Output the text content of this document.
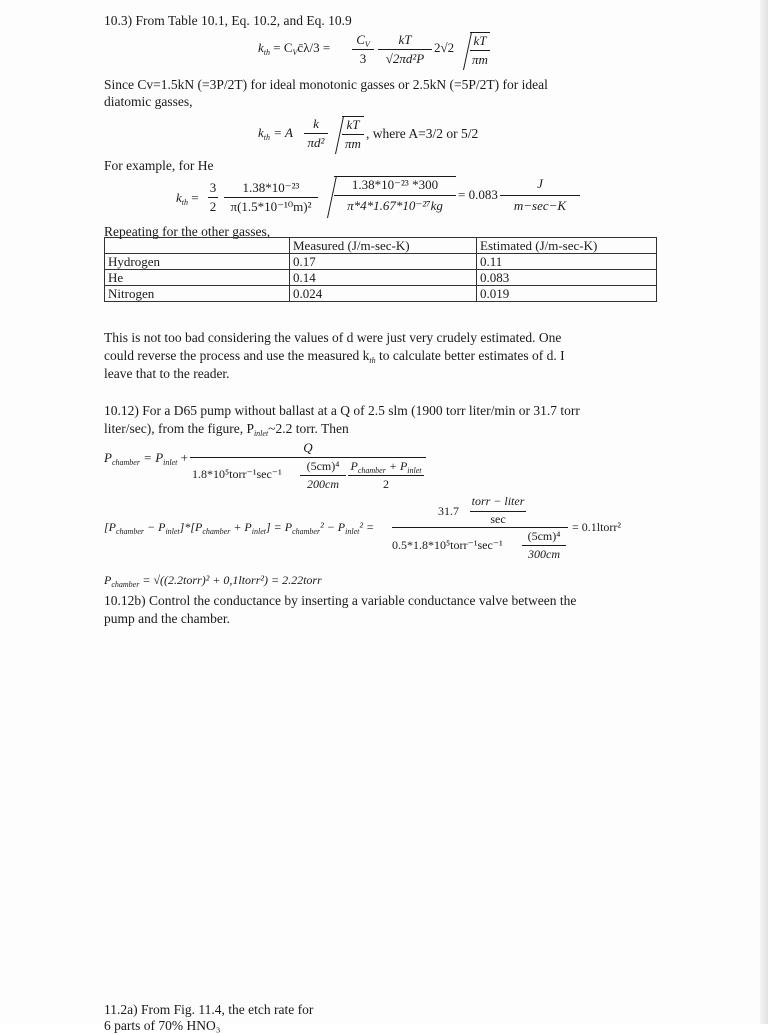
10.3) From Table 10.1, Eq. 10.2, and Eq. 10.9
$k_{th}$ = $C_Vc̄\lambda/3$ =
$C_V$
3
kT
√2πd²P
2√2 kT
πm
Since Cv=1.5kN (=3P/2T) for ideal monotonic gasses or 2.5kN (=5P/2T) for ideal
diatomic gasses,
$k_{th} = A$
k
πd²
kT
πm
, where A=3/2 or 5/2
For example, for He
$k_{th}$ =
3
2
1.38*10⁻²³
π(1.5*10⁻¹⁰m)²
1.38*10⁻²³ *300
π*4*1.67*10⁻²⁷kg
= 0.083
J
m−sec−K
Repeating for the other gasses,
	Measured (J/m-sec-K)	Estimated (J/m-sec-K)
Hydrogen	0.17	0.11
He	0.14	0.083
Nitrogen	0.024	0.019
This is not too bad considering the values of d were just very crudely estimated. One
could reverse the process and use the measured $k_{th}$ to calculate better estimates of d. I
leave that to the reader.
10.12) For a D65 pump without ballast at a Q of 2.5 slm (1900 torr liter/min or 31.7 torr
liter/sec), from the figure, $P_{inlet}\sim 2.2$ torr. Then
$P_{chamber} = P_{inlet}$ +
Q
1.8*10⁵torr⁻¹sec⁻¹
(5cm)⁴
200cm
$P_{chamber} + P_{inlet}$
2
$[P_{chamber} - P_{inlet}]*[P_{chamber} + P_{inlet}] = P_{chamber}^2 - P_{inlet}^2$ =
31.7
torr − liter
sec
0.5*1.8*10⁵torr⁻¹sec⁻¹
(5cm)⁴
300cm
= 0.1ltorr²
$P_{chamber}$ = √((2.2torr)² + 0,1ltorr²) = 2.22torr
10.12b) Control the conductance by inserting a variable conductance valve between the
pump and the chamber.
11.2a) From Fig. 11.4, the etch rate for
6 parts of 70% HNO₃
